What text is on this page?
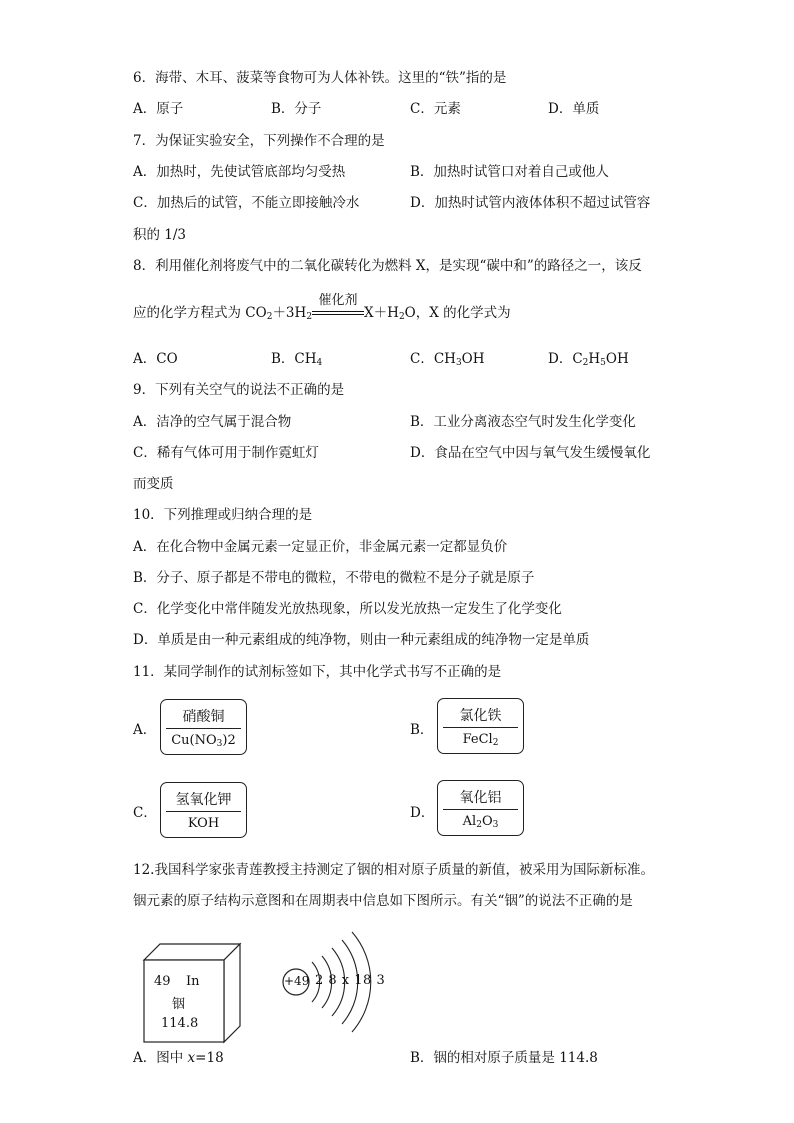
6．海带、木耳、菠菜等食物可为人体补铁。这里的“铁”指的是
A．原子	B．分子	C．元素	D．单质
7．为保证实验安全，下列操作不合理的是
A．加热时，先使试管底部均匀受热	B．加热时试管口对着自己或他人
C．加热后的试管，不能立即接触冷水	D．加热时试管内液体体积不超过试管容
积的 1/3
8．利用催化剂将废气中的二氧化碳转化为燃料 X，是实现“碳中和”的路径之一，该反
应的化学方程式为 $CO_2+3H_2$
催化剂
$X+H_2O$，X 的化学式为
A．CO	B．$CH_4$	C．$CH_3OH$	D．$C_2H_5OH$
9．下列有关空气的说法不正确的是
A．洁净的空气属于混合物	B．工业分离液态空气时发生化学变化
C．稀有气体可用于制作霓虹灯	D．食品在空气中因与氧气发生缓慢氧化
而变质
10．下列推理或归纳合理的是
A．在化合物中金属元素一定显正价，非金属元素一定都显负价
B．分子、原子都是不带电的微粒，不带电的微粒不是分子就是原子
C．化学变化中常伴随发光放热现象，所以发光放热一定发生了化学变化
D．单质是由一种元素组成的纯净物，则由一种元素组成的纯净物一定是单质
11．某同学制作的试剂标签如下，其中化学式书写不正确的是
A．
硝酸铜
$Cu(NO_3)2$
B．
氯化铁
FeCl$_2$
C．
氢氧化钾
KOH
D．
氧化铝
$Al_2O_3$
12.我国科学家张青莲教授主持测定了铟的相对原子质量的新值，被采用为国际新标准。
铟元素的原子结构示意图和在周期表中信息如下图所示。有关“铟”的说法不正确的是
49 In
铟
114.8
+49 2 8 x 18 3
A．图中 x=18	B．铟的相对原子质量是 114.8
